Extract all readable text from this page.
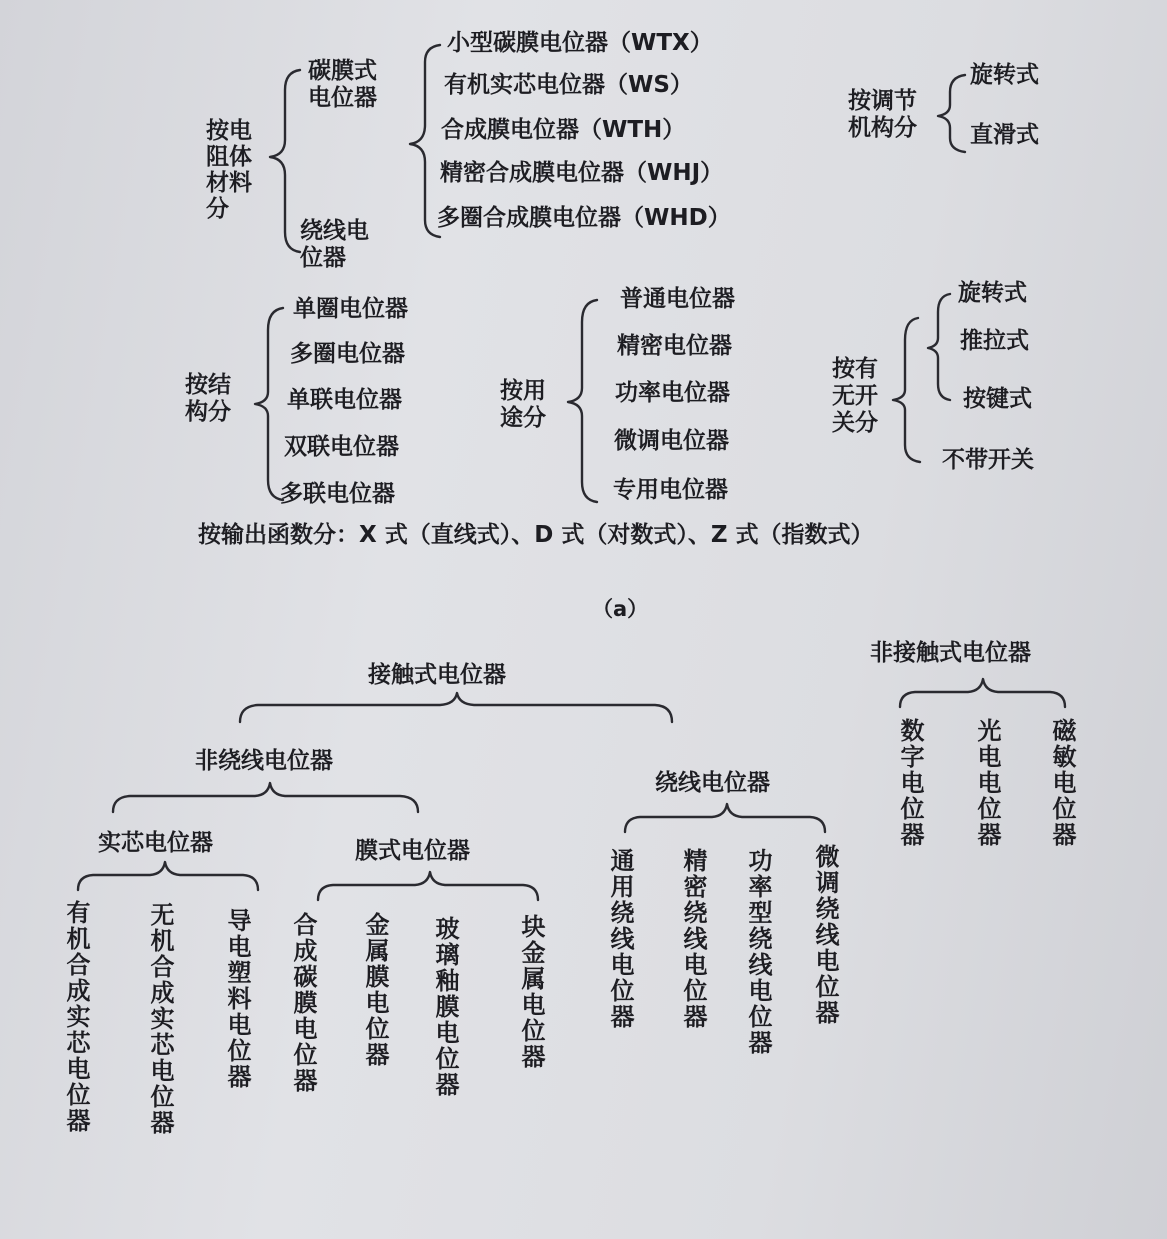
按电阻体材料分
碳膜式电位器
绕线电位器
小型碳膜电位器（WTX）
有机实芯电位器（WS）
合成膜电位器（WTH）
精密合成膜电位器（WHJ）
多圈合成膜电位器（WHD）
按调节机构分
旋转式
直滑式
按结构分
单圈电位器
多圈电位器
单联电位器
双联电位器
多联电位器
按用途分
普通电位器
精密电位器
功率电位器
微调电位器
专用电位器
按有无开关分
旋转式
推拉式
按键式
不带开关
按输出函数分：X 式（直线式）、D 式（对数式）、Z 式（指数式）
（a）
接触式电位器
非绕线电位器
实芯电位器	膜式电位器
绕线电位器
非接触式电位器
有机合成实芯电位器 无机合成实芯电位器 导电塑料电位器 合成碳膜电位器 金属膜电位器 玻璃釉膜电位器 块金属电位器	通用绕线电位器 精密绕线电位器 功率型绕线电位器 微调绕线电位器
数字电位器 光电电位器 磁敏电位器
